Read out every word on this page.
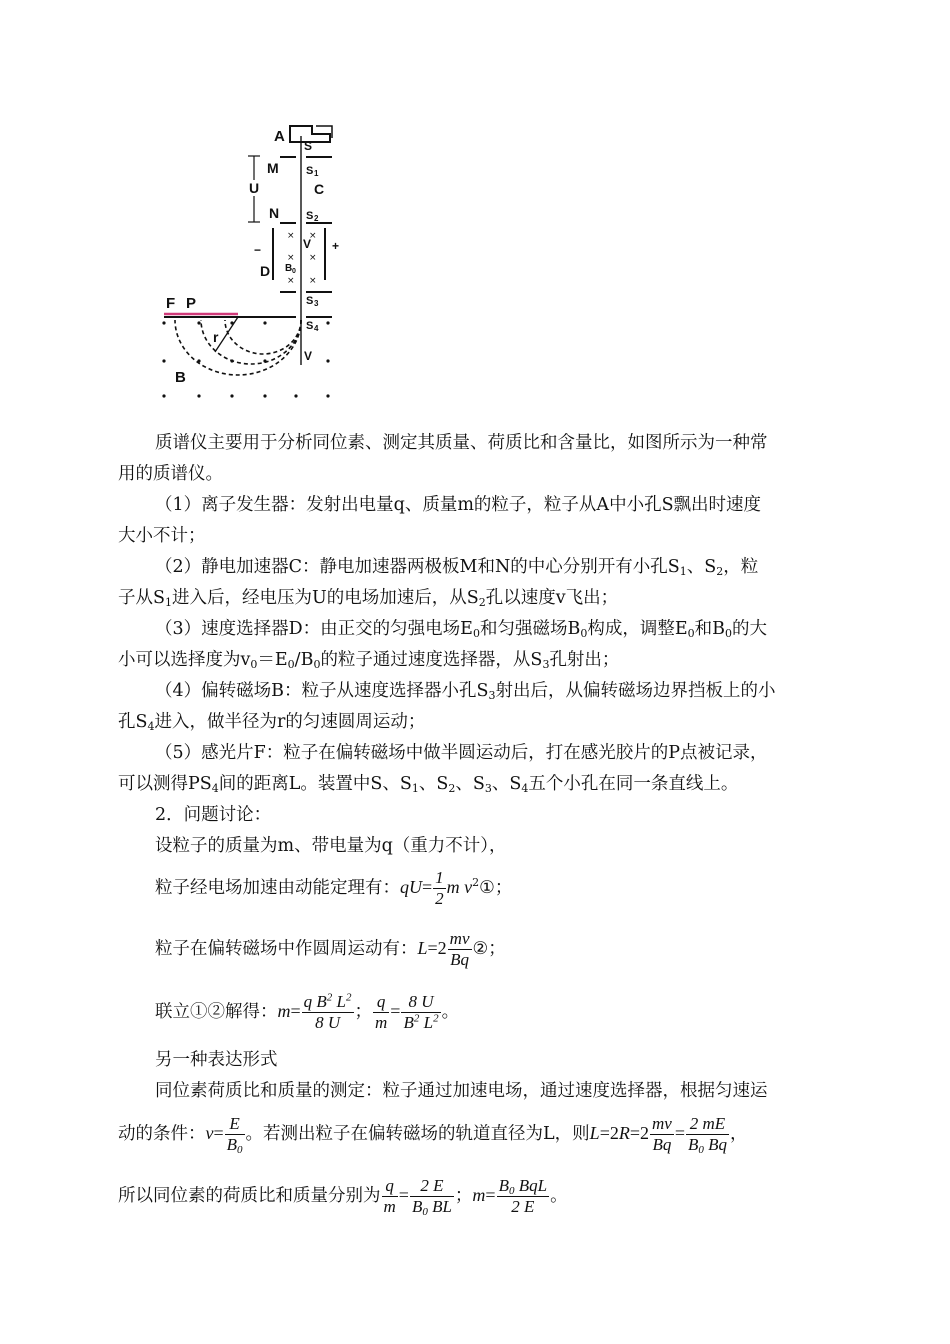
× ×
× ×
× ×
A
S
M S 1
U	C
N S 2
V +
−
D B 0
S 3
F P
S 4
r
V
B
质谱仪主要用于分析同位素、测定其质量、荷质比和含量比，如图所示为一种常
用的质谱仪。
（1）离子发生器：发射出电量q、质量m的粒子，粒子从A中小孔S飘出时速度
大小不计；
（2）静电加速器C：静电加速器两极板M和N的中心分别开有小孔$S_1$、$S_2$，粒
子从$S_1$进入后，经电压为U的电场加速后，从$S_2$孔以速度v飞出；
（3）速度选择器D：由正交的匀强电场$E_0$和匀强磁场$B_0$构成，调整$E_0$和$B_0$的大
小可以选择度为$v_0=E_0/B_0$的粒子通过速度选择器，从$S_3$孔射出；
（4）偏转磁场B：粒子从速度选择器小孔$S_3$射出后，从偏转磁场边界挡板上的小
孔$S_4$进入，做半径为r的匀速圆周运动；
（5）感光片F：粒子在偏转磁场中做半圆运动后，打在感光胶片的P点被记录，
可以测得$PS_4$间的距离L。装置中S、$S_1$、$S_2$、$S_3$、$S_4$五个小孔在同一条直线上。
2．问题讨论：
设粒子的质量为m、带电量为q（重力不计），
粒子经电场加速由动能定理有：$qU= \frac{1}{2}$ m $v^2①$；
粒子在偏转磁场中作圆周运动有：$L=2 \frac{mv}{Bq}$ ②；
联立①②解得：$m= \frac{q B^2 L^2}{8 U}$ ； $\frac{q}{m} = \frac{8 U}{B^2 L^2}$ 。
另一种表达形式
同位素荷质比和质量的测定：粒子通过加速电场，通过速度选择器，根据匀速运
动的条件：$v= \frac{E}{B_0}$ 。若测出粒子在偏转磁场的轨道直径为L，则$L=2R=2 \frac{mv}{Bq} = \frac{2 mE}{B_0 Bq}$ ，
所以同位素的荷质比和质量分别为 $\frac{q}{m} = \frac{2 E}{B_0 BL}$ ；$m= \frac{B_0 BqL}{2 E}$ 。
